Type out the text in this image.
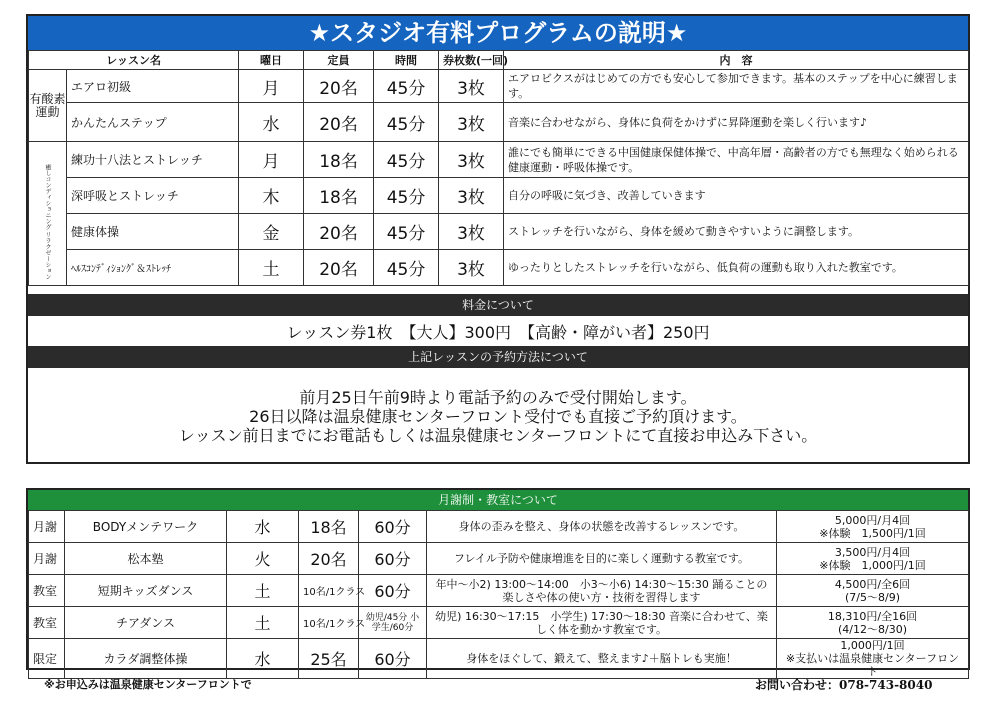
★スタジオ有料プログラムの説明★
レッスン名		曜日	定員	時間	券枚数(一回)	内　容
有酸素運動	エアロ初級	月	20名	45分	3枚	エアロビクスがはじめての方でも安心して参加できます。基本のステップを中心に練習します。
	かんたんステップ	水	20名	45分	3枚	音楽に合わせながら、身体に負荷をかけずに昇降運動を楽しく行います♪

癒しコンディショニング リラクゼーション	練功十八法とストレッチ	月	18名	45分	3枚	誰にでも簡単にできる中国健康保健体操で、中高年層・高齢者の方でも無理なく始められる健康運動・呼吸体操です。
	深呼吸とストレッチ	木	18名	45分	3枚	自分の呼吸に気づき、改善していきます
	健康体操	金	20名	45分	3枚	ストレッチを行いながら、身体を緩めて動きやすいように調整します。
	ﾍﾙｽｺﾝﾃﾞｨｼｮﾝｸﾞ＆ｽﾄﾚｯﾁ	土	20名	45分	3枚	ゆったりとしたストレッチを行いながら、低負荷の運動も取り入れた教室です。
料金について
レッスン券1枚　【大人】300円　【高齢・障がい者】250円
上記レッスンの予約方法について
前月25日午前9時より電話予約のみで受付開始します。
26日以降は温泉健康センターフロント受付でも直接ご予約頂けます。
レッスン前日までにお電話もしくは温泉健康センターフロントにて直接お申込み下さい。
月謝制・教室について
月謝	BODYメンテワーク	水	18名	60分	身体の歪みを整え、身体の状態を改善するレッスンです。	5,000円/月4回
※体験　1,500円/1回

月謝	松本塾	火	20名	60分	フレイル予防や健康増進を目的に楽しく運動する教室です。	3,500円/月4回
※体験　1,000円/1回

教室	短期キッズダンス	土	10名/1クラス	60分	年中～小2) 13:00～14:00　小3～小6) 14:30～15:30 踊ることの楽しさや体の使い方・技術を習得します	4,500円/全6回
(7/5～8/9)

教室	チアダンス	土	10名/1クラス	幼児/45分 小学生/60分	幼児) 16:30～17:15　小学生) 17:30～18:30 音楽に合わせて、楽しく体を動かす教室です。	18,310円/全16回
(4/12～8/30)

限定	カラダ調整体操	水	25名	60分	身体をほぐして、鍛えて、整えます♪＋脳トレも実施！	1,000円/1回
※支払いは温泉健康センターフロント
※お申込みは温泉健康センターフロントで	お問い合わせ：078-743-8040
